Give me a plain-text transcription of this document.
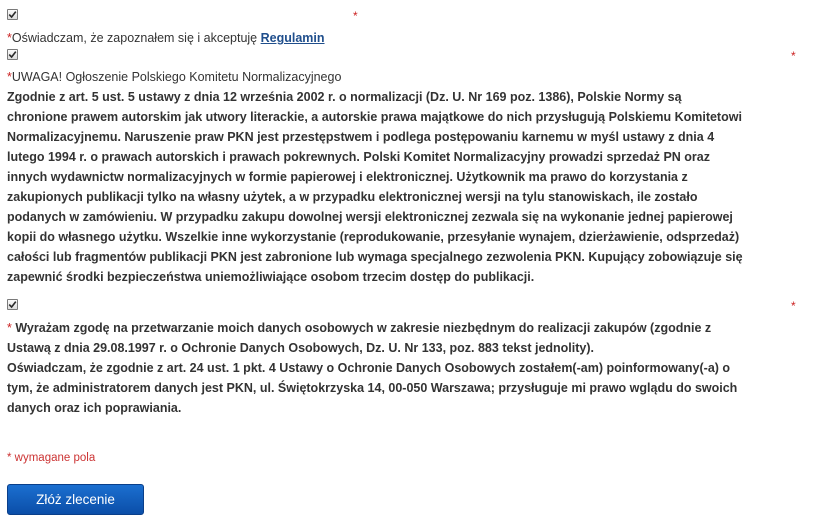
*
*Oświadczam, że zapoznałem się i akceptuję Regulamin
*
*UWAGA! Ogłoszenie Polskiego Komitetu Normalizacyjnego
Zgodnie z art. 5 ust. 5 ustawy z dnia 12 września 2002 r. o normalizacji (Dz. U. Nr 169 poz. 1386), Polskie Normy są
chronione prawem autorskim jak utwory literackie, a autorskie prawa majątkowe do nich przysługują Polskiemu Komitetowi
Normalizacyjnemu. Naruszenie praw PKN jest przestępstwem i podlega postępowaniu karnemu w myśl ustawy z dnia 4
lutego 1994 r. o prawach autorskich i prawach pokrewnych. Polski Komitet Normalizacyjny prowadzi sprzedaż PN oraz
innych wydawnictw normalizacyjnych w formie papierowej i elektronicznej. Użytkownik ma prawo do korzystania z
zakupionych publikacji tylko na własny użytek, a w przypadku elektronicznej wersji na tylu stanowiskach, ile zostało
podanych w zamówieniu. W przypadku zakupu dowolnej wersji elektronicznej zezwala się na wykonanie jednej papierowej
kopii do własnego użytku. Wszelkie inne wykorzystanie (reprodukowanie, przesyłanie wynajem, dzierżawienie, odsprzedaż)
całości lub fragmentów publikacji PKN jest zabronione lub wymaga specjalnego zezwolenia PKN. Kupujący zobowiązuje się
zapewnić środki bezpieczeństwa uniemożliwiające osobom trzecim dostęp do publikacji.
*
* Wyrażam zgodę na przetwarzanie moich danych osobowych w zakresie niezbędnym do realizacji zakupów (zgodnie z
Ustawą z dnia 29.08.1997 r. o Ochronie Danych Osobowych, Dz. U. Nr 133, poz. 883 tekst jednolity).
Oświadczam, że zgodnie z art. 24 ust. 1 pkt. 4 Ustawy o Ochronie Danych Osobowych zostałem(-am) poinformowany(-a) o
tym, że administratorem danych jest PKN, ul. Świętokrzyska 14, 00-050 Warszawa; przysługuje mi prawo wglądu do swoich
danych oraz ich poprawiania.
* wymagane pola
Złóż zlecenie
